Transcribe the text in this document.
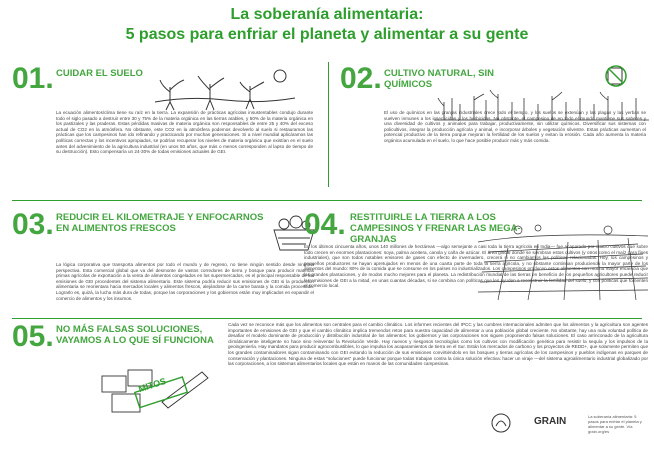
La soberanía alimentaria:
5 pasos para enfriar el planeta y alimentar a su gente
01. CUIDAR EL SUELO
La ecuación alimentos/clima tiene su raíz en la tierra. La expansión de prácticas agrícolas insustentables condujo durante todo el siglo pasado a destruir entre 30 y 75% de la materia orgánica en las tierras arables, y 50% de la materia orgánica en los pastizales y las praderas. Estas pérdidas masivas de materia orgánica son responsables de entre 25 y 40% del exceso actual de CO2 en la atmósfera. No obstante, este CO2 en la atmósfera podemos devolverlo al suelo si restauramos las prácticas que los campesinos han ido refinando y practicando por muchas generaciones. Si a nivel mundial aplicáramos las políticas correctas y los incentivos apropiados, se podrían recuperar los niveles de materia orgánica que existían en el suelo antes del advenimiento de la agricultura industrial (en unos 50 años, que más o menos corresponden al lapso de tiempo de su destrucción). Esto compensaría un 24-30% de todas emisiones actuales de GEI.
02. CULTIVO NATURAL, SIN QUÍMICOS
El uso de químicos en las granjas industriales crece todo el tiempo, y los suelos se extenúan y las plagas y las yerbas se vuelven inmunes a los insecticidas y los herbicidas. No obstante, el campesino de en todo el mundo mantiene sus saberes y una diversidad de cultivos y animales para trabajar, productivamente, sin utilizar químicos. Diversificar sus sistemas con policultivos, integrar la producción agrícola y animal, e incorporar árboles y vegetación silvestre. Estas prácticas aumentan el potencial productivo de la tierra porque mejoran la fertilidad de los suelos y evitan la erosión. Cada año aumenta la materia orgánica acumulada en el suelo, lo que hace posible producir más y más comida.
03. REDUCIR EL KILOMETRAJE Y ENFOCARNOS EN ALIMENTOS FRESCOS
La lógica corporativa que transporta alimentos por todo el mundo y de regreso, no tiene ningún sentido desde ninguna perspectiva. Esta comercial global que va del desmonte de vastos corredores de tierra y bosque para producir materias primas agrícolas de exportación a la venta de alimentos congelados en los supermercados, es el principal responsable de las emisiones de GEI procedentes del sistema alimentario. Este sistema podría reducir sus emisiones de GEI si la producción alimentaria se reorientara hacia mercados locales y alimentos frescos, alejándose de la carne barata y la comida procesada. Lograrlo es, quizá, la lucha más dura de todas, porque las corporaciones y los gobiernos están muy implicados en expandir el comercio de alimentos y los insumos.
04. RESTITUIRLE LA TIERRA A LOS CAMPESINOS Y FRENAR LAS MEGA-GRANJAS
En los últimos cincuenta años, unos 140 millones de hectáreas —algo semejante a casi toda la tierra agrícola en India— fue acaparada por cuatro cultivos que sobre todo crecen en enormes plantaciones: soya, palma aceitera, canola y caña de azúcar. El área global donde se siembran estos cultivos (y otros como el maíz para fines industriales), que son todos notables emisores de gases con efecto de invernadero, crecerá si no cambiamos las políticas relacionadas. Hoy, los campesinos y pequeños productores se hayan apretujados en menos de una cuarta parte de toda la tierra agrícola, y no obstante continúan produciendo la mayor parte de los alimentos del mundo: 80% de la comida que se consume en los países no industrializados. Los campesinos producen estos alimentos con mucha mayor eficiencia que las grandes plantaciones, y de modos mucho mejores para el planeta. La redistribución mundial de las tierras en beneficio de los pequeños agricultores puede reducir las emisiones de GEI a la mitad, en unas cuantas décadas, si se combina con políticas que les ayuden a reconstruir la fertilidad del suelo, y con políticas que fomenten el comercio local.
05. NO MÁS FALSAS SOLUCIONES, VAYAMOS A LO QUE SÍ FUNCIONA
MITOS
Cada vez se reconoce más que los alimentos son centrales para el cambio climático. Los informes recientes del IPCC y las cumbres internacionales admiten que los alimentos y la agricultura son agentes importantes de emisiones de GEI y que el cambio climático implica tremendos retos para nuestra capacidad de alimentar a una población global creciente. No obstante, hay una nula voluntad política de desafiar el modelo dominante de producción y distribución industrial de los alimentos: los gobiernos y las corporaciones nos siguen proponiendo falsas soluciones. El caso arrinconado de la agricultura climáticamente inteligente no hace sino reinventar la Revolución Verde. Hay nuevos y riesgosos tecnologías como los cultivos con modificación genética para resistir la sequía y los impulsos de la geoingeniería. Hay mandatos para producir agrocombustibles, lo que impulsa los acaparamientos de tierra en el Sur. Están los mercados de carbono y los proyectos de REDD+, que solamente permiten que los grandes contaminadores sigan contaminando con GEI evitando la reducción de sus emisiones convirtiéndolo en los bosques y tierras agrícolas de los campesinos y pueblos indígenas en parques de conservación y plantaciones. Ninguna de estas "soluciones" puede funcionar porque todas trabajan contra la única solución efectiva: hacer un viraje —del sistema agroalimentario industrial globalizado por las corporaciones, a los sistemas alimentarios locales que están en manos de las comunidades campesinas.
GRAIN	La soberanía alimentaria: 5 pasos para enfriar el planeta y alimentar a su gente. Vía grain.org/es
